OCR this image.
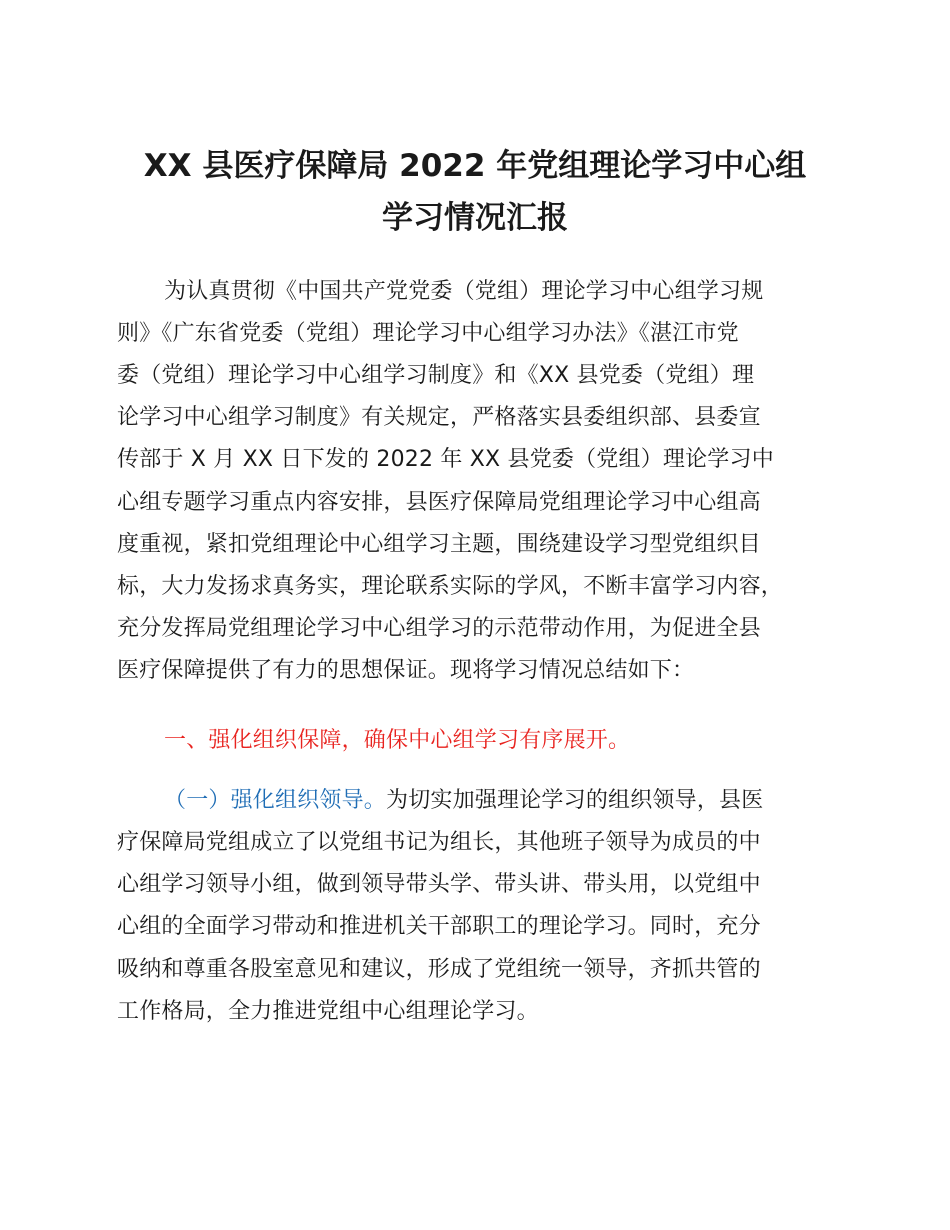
XX 县医疗保障局 2022 年党组理论学习中心组
学习情况汇报
为认真贯彻《中国共产党党委（党组）理论学习中心组学习规
则》《广东省党委（党组）理论学习中心组学习办法》《湛江市党
委（党组）理论学习中心组学习制度》和《XX 县党委（党组）理
论学习中心组学习制度》有关规定，严格落实县委组织部、县委宣
传部于 X 月 XX 日下发的 2022 年 XX 县党委（党组）理论学习中
心组专题学习重点内容安排，县医疗保障局党组理论学习中心组高
度重视，紧扣党组理论中心组学习主题，围绕建设学习型党组织目
标，大力发扬求真务实，理论联系实际的学风，不断丰富学习内容，
充分发挥局党组理论学习中心组学习的示范带动作用，为促进全县
医疗保障提供了有力的思想保证。现将学习情况总结如下：
一、强化组织保障，确保中心组学习有序展开。
（一）强化组织领导。为切实加强理论学习的组织领导，县医
疗保障局党组成立了以党组书记为组长，其他班子领导为成员的中
心组学习领导小组，做到领导带头学、带头讲、带头用，以党组中
心组的全面学习带动和推进机关干部职工的理论学习。同时，充分
吸纳和尊重各股室意见和建议，形成了党组统一领导，齐抓共管的
工作格局，全力推进党组中心组理论学习。
